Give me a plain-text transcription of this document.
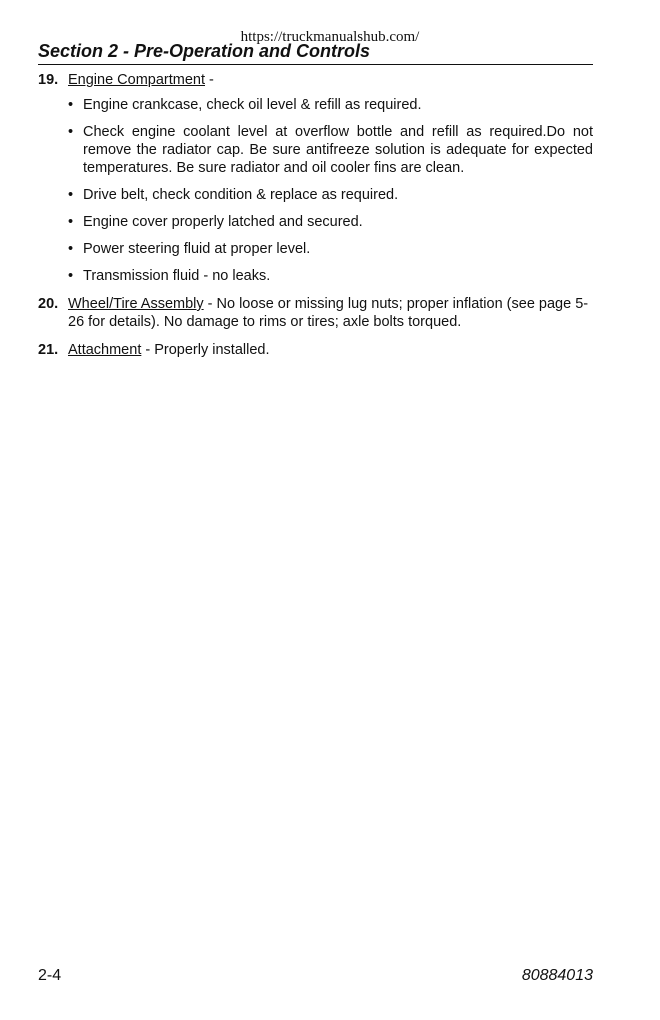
https://truckmanualshub.com/
Section 2 - Pre-Operation and Controls
19. Engine Compartment -
• Engine crankcase, check oil level & refill as required.
• Check engine coolant level at overflow bottle and refill as required.Do not remove the radiator cap. Be sure antifreeze solution is adequate for expected temperatures. Be sure radiator and oil cooler fins are clean.
• Drive belt, check condition & replace as required.
• Engine cover properly latched and secured.
• Power steering fluid at proper level.
• Transmission fluid - no leaks.
20. Wheel/Tire Assembly - No loose or missing lug nuts; proper inflation (see page 5-26 for details). No damage to rims or tires; axle bolts torqued.
21. Attachment - Properly installed.
2-4	80884013
